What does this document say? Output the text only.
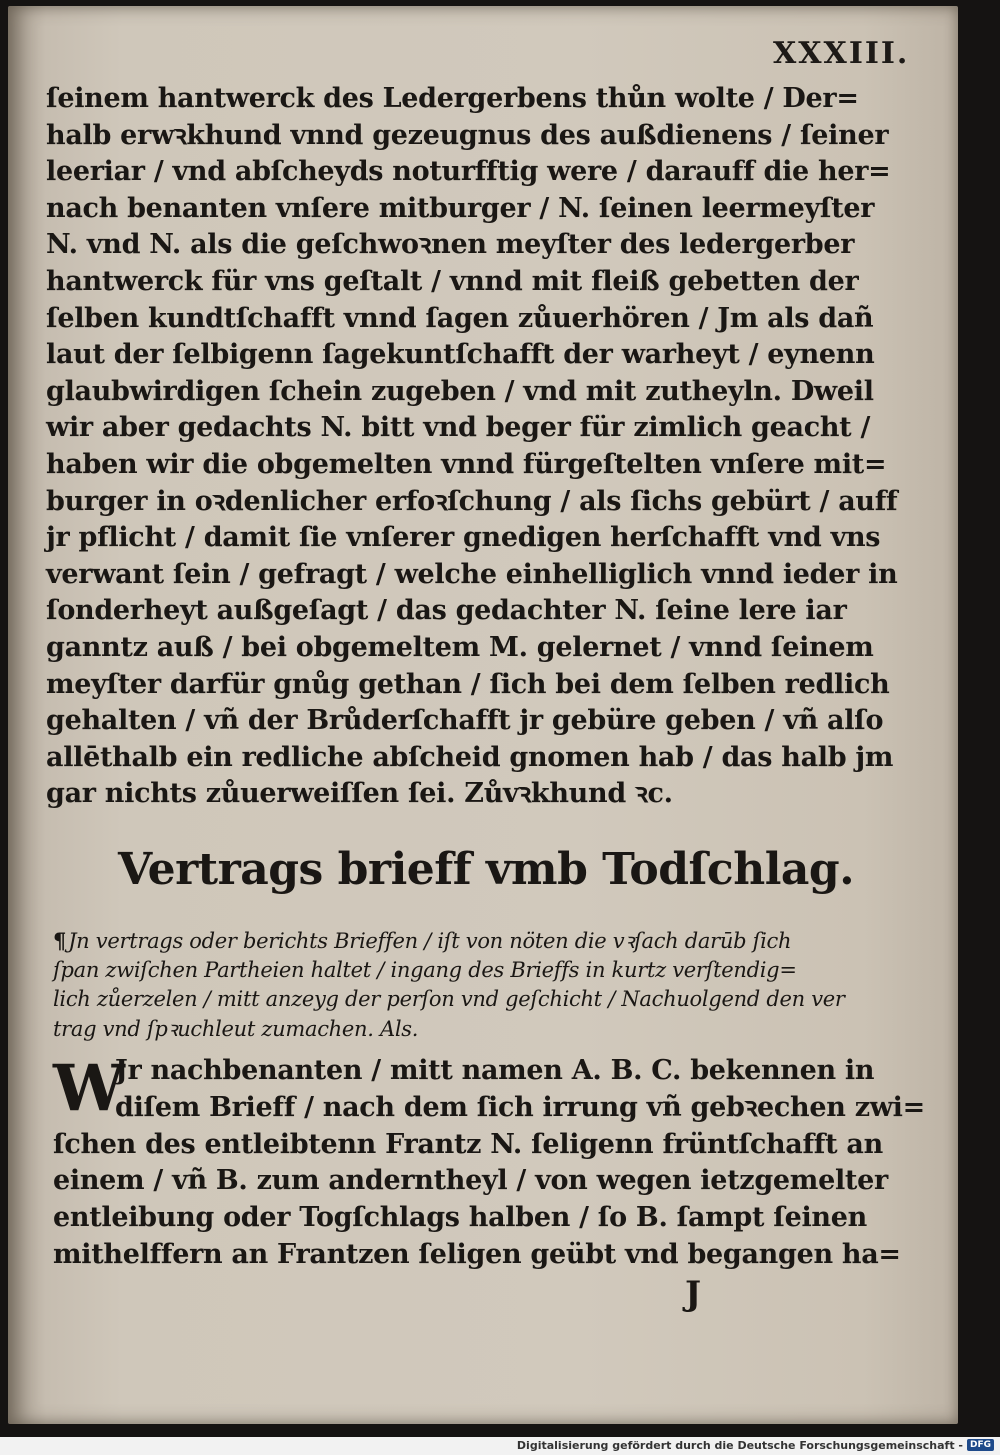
XXXIII.
ſeinem hantwerck des Ledergerbens thůn wolte / Der=
halb erwꝛkhund vnnd gezeugnus des außdienens / ſeiner
leeriar / vnd abſcheyds noturfftig were / darauff die her=
nach benanten vnſere mitburger / N. ſeinen leermeyſter
N. vnd N. als die geſchwoꝛnen meyſter des ledergerber
hantwerck für vns geſtalt / vnnd mit fleiß gebetten der
ſelben kundtſchafft vnnd ſagen zůuerhören / Jm als dañ
laut der ſelbigenn ſagekuntſchafft der warheyt / eynenn
glaubwirdigen ſchein zugeben / vnd mit zutheyln. Dweil
wir aber gedachts N. bitt vnd beger für zimlich geacht /
haben wir die obgemelten vnnd fürgeſtelten vnſere mit=
burger in oꝛdenlicher erfoꝛſchung / als ſichs gebürt / auff
jr pflicht / damit ſie vnſerer gnedigen herſchafft vnd vns
verwant ſein / gefragt / welche einhelliglich vnnd ieder in
ſonderheyt außgeſagt / das gedachter N. ſeine lere iar
ganntz auß / bei obgemeltem M. gelernet / vnnd ſeinem
meyſter darfür gnůg gethan / ſich bei dem ſelben redlich
gehalten / vñ der Brůderſchafft jr gebüre geben / vñ alſo
allēthalb ein redliche abſcheid gnomen hab / das halb jm
gar nichts zůuerweiſſen ſei. Zůvꝛkhund ꝛc.
Vertrags brieff vmb Todſchlag.
¶Jn vertrags oder berichts Brieffen / iſt von nöten die vꝛſach darūb ſich
ſpan zwiſchen Partheien haltet / ingang des Brieffs in kurtz verſtendig=
lich zůerzelen / mitt anzeyg der perſon vnd geſchicht / Nachuolgend den ver
trag vnd ſpꝛuchleut zumachen. Als.
W
Jr nachbenanten / mitt namen A. B. C. bekennen in
diſem Brieff / nach dem ſich irrung vñ gebꝛechen zwi=
ſchen des entleibtenn Frantz N. ſeligenn früntſchafft an
einem / vñ B. zum anderntheyl / von wegen ietzgemelter
entleibung oder Togſchlags halben / ſo B. ſampt ſeinen
mithelffern an Frantzen ſeligen geübt vnd begangen ha=
J
Digitalisierung gefördert durch die Deutsche Forschungsgemeinschaft - DFG
